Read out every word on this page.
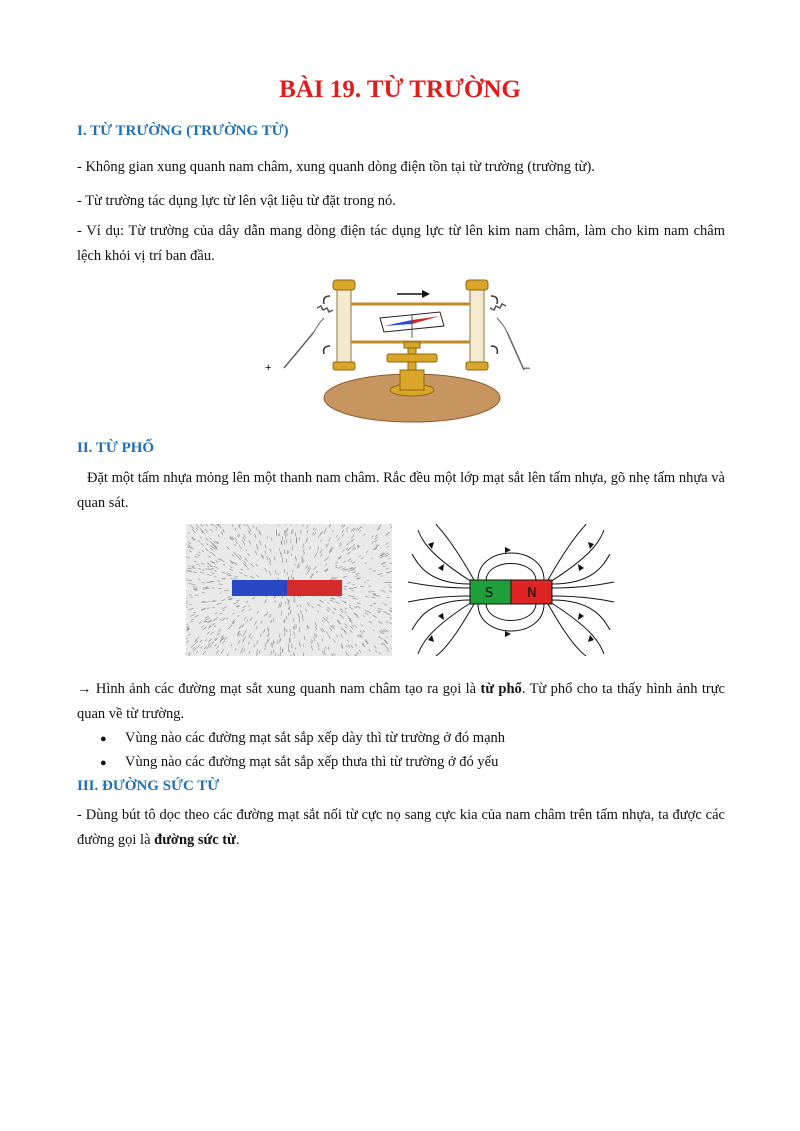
BÀI 19. TỪ TRƯỜNG
I. TỪ TRƯỜNG (TRƯỜNG TỪ)

- Không gian xung quanh nam châm, xung quanh dòng điện tồn tại từ trường (trường từ).

- Từ trường tác dụng lực từ lên vật liệu từ đặt trong nó.

- Ví dụ: Từ trường của dây dẫn mang dòng điện tác dụng lực từ lên kim nam châm, làm cho kim nam châm lệch khỏi vị trí ban đầu.

+	–
II. TỪ PHỔ

Đặt một tấm nhựa mỏng lên một thanh nam châm. Rắc đều một lớp mạt sắt lên tấm nhựa, gõ nhẹ tấm nhựa và quan sát.

S	N

→ Hình ảnh các đường mạt sắt xung quanh nam châm tạo ra gọi là từ phổ. Từ phổ cho ta thấy hình ảnh trực quan về từ trường.

● Vùng nào các đường mạt sắt sắp xếp dày thì từ trường ở đó mạnh

● Vùng nào các đường mạt sắt sắp xếp thưa thì từ trường ở đó yếu

III. ĐƯỜNG SỨC TỪ

- Dùng bút tô dọc theo các đường mạt sắt nối từ cực nọ sang cực kia của nam châm trên tấm nhựa, ta được các đường gọi là đường sức từ.
